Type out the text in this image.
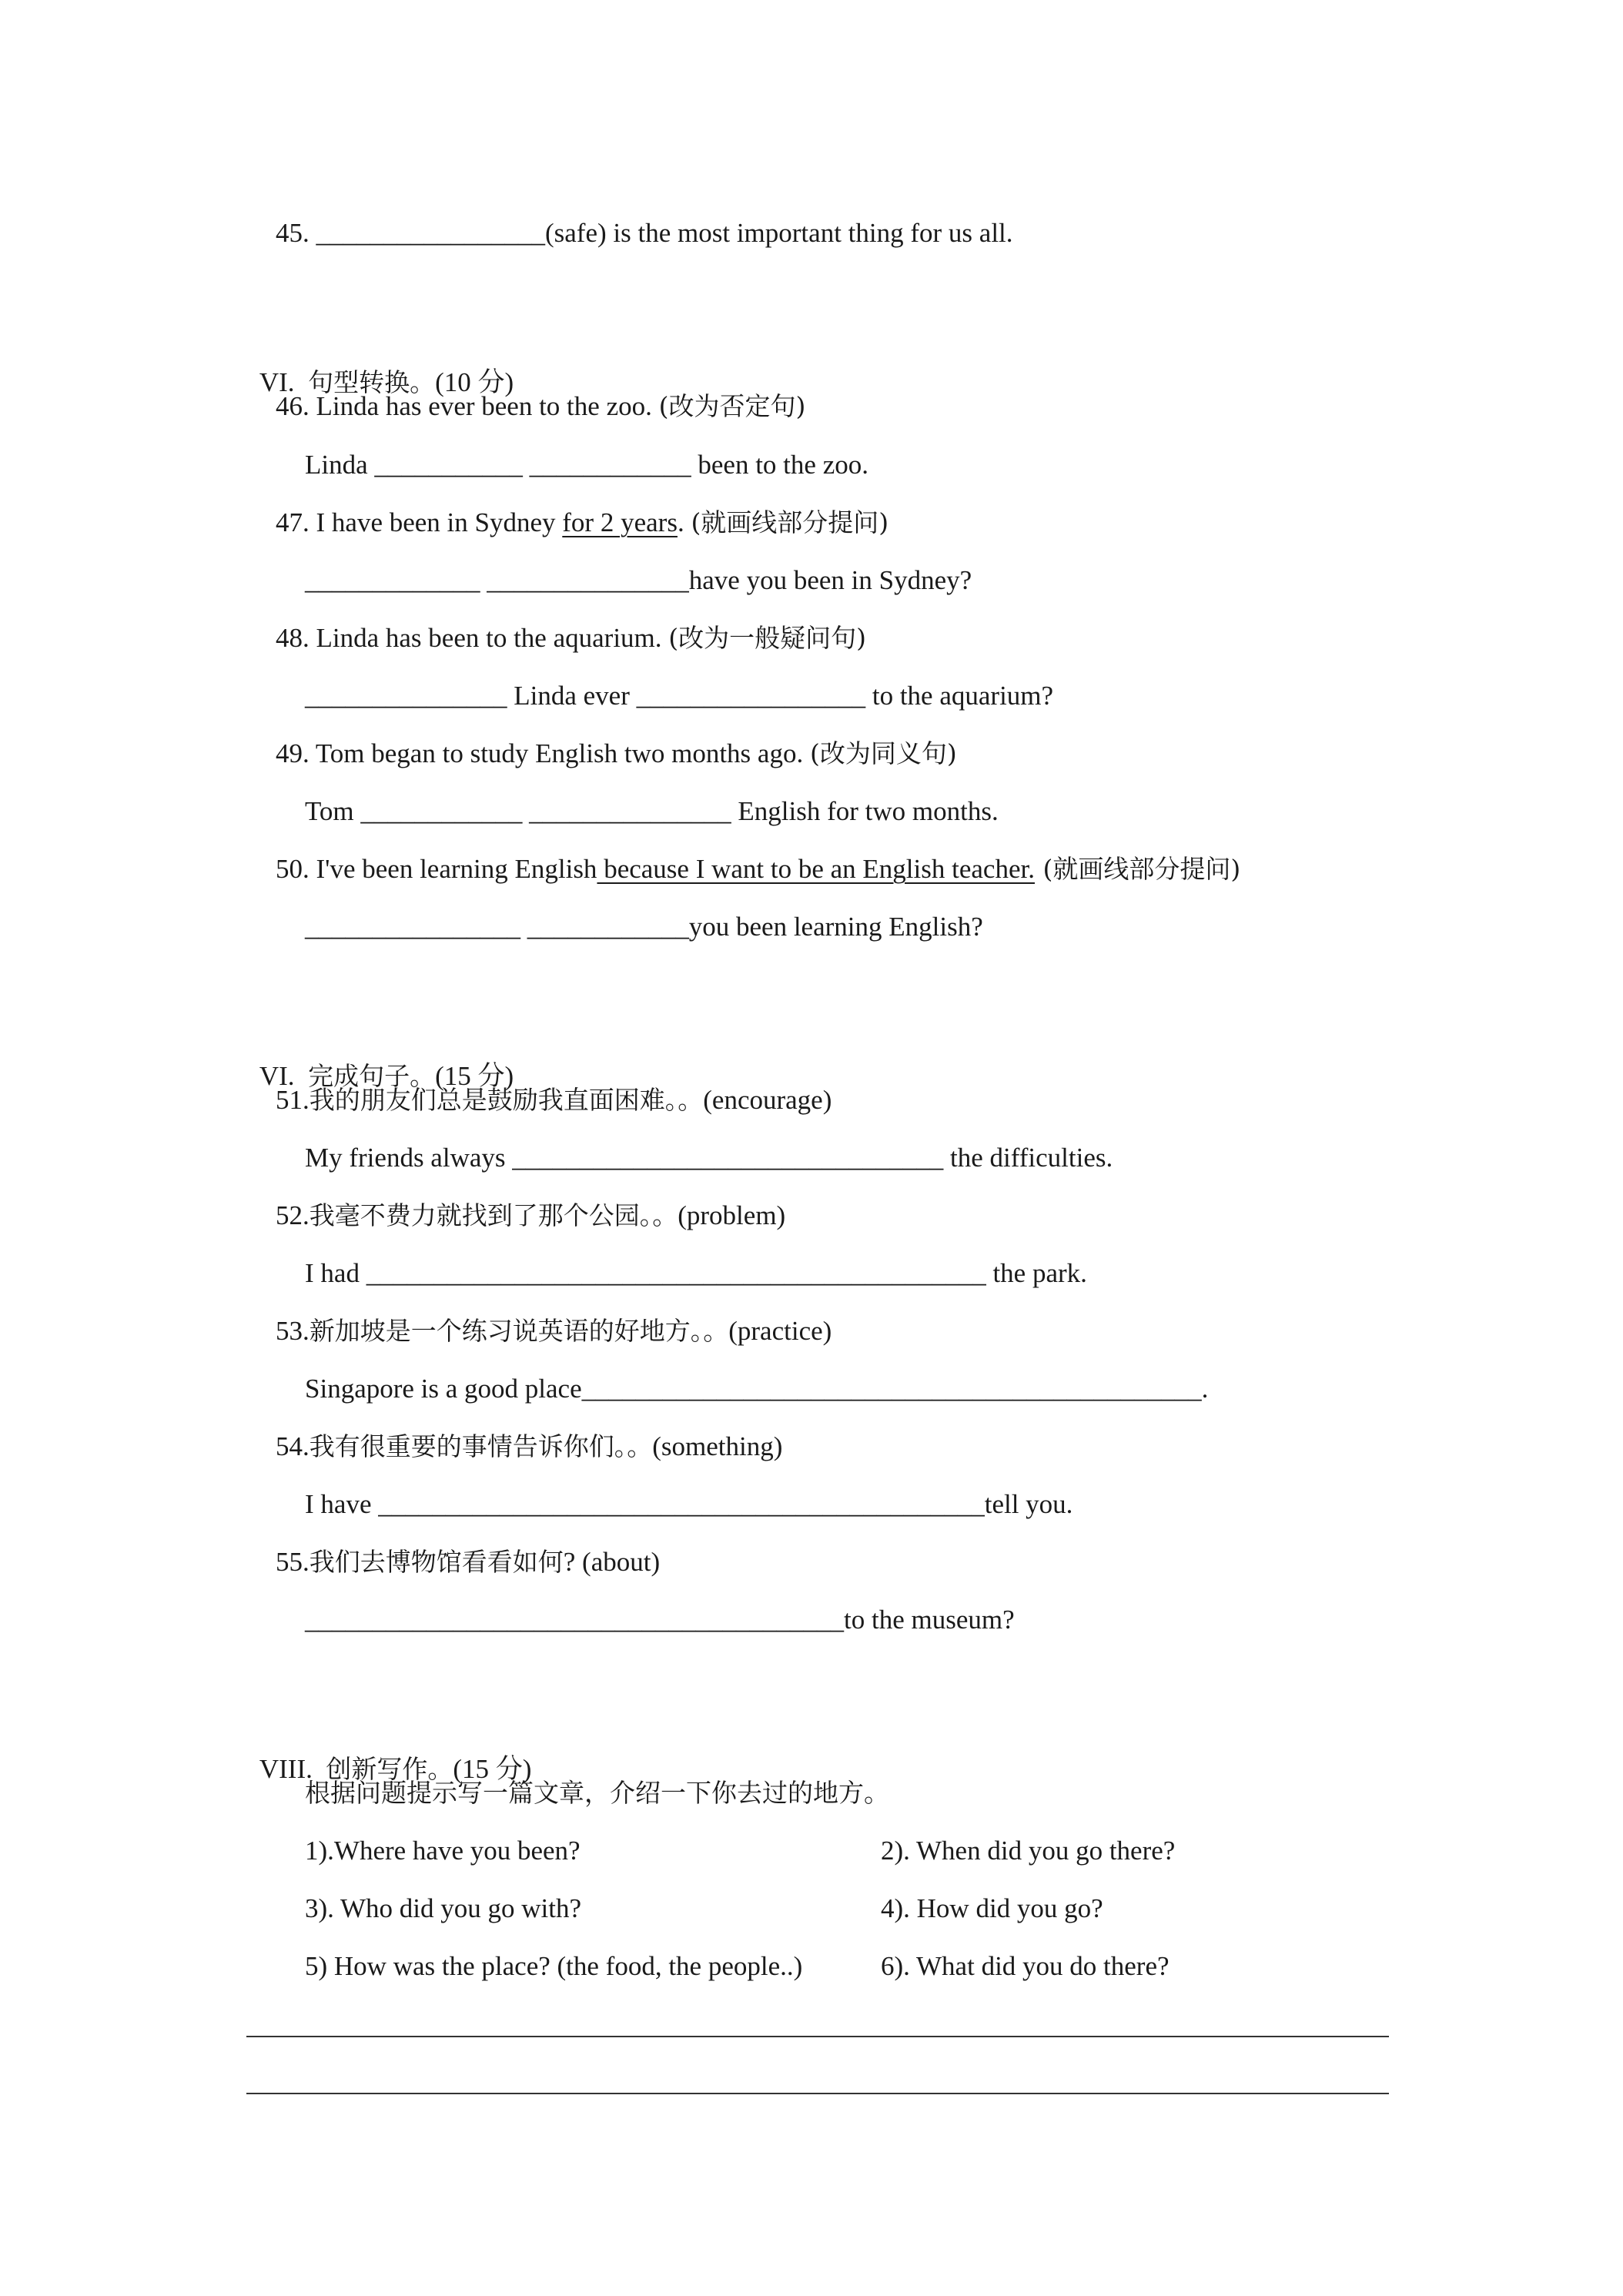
45. _________________(safe) is the most important thing for us all.

VI.  句型转换。(10 分)

46. Linda has ever been to the zoo. (改为否定句)
Linda ___________ ____________ been to the zoo.
47. I have been in Sydney for 2 years. (就画线部分提问)
_____________ _______________have you been in Sydney?
48. Linda has been to the aquarium. (改为一般疑问句)
_______________ Linda ever _________________ to the aquarium?
49. Tom began to study English two months ago. (改为同义句)
Tom ____________ _______________ English for two months.
50. I've been learning English because I want to be an English teacher. (就画线部分提问)
________________ ____________you been learning English?

VI.  完成句子。(15 分)

51.我的朋友们总是鼓励我直面困难。。(encourage)
My friends always ________________________________ the difficulties.
52.我毫不费力就找到了那个公园。。(problem)
I had ______________________________________________ the park.
53.新加坡是一个练习说英语的好地方。。(practice)
Singapore is a good place______________________________________________.
54.我有很重要的事情告诉你们。。(something)
I have _____________________________________________tell you.
55.我们去博物馆看看如何? (about)
________________________________________to the museum?

VIII.  创新写作。(15 分)

根据问题提示写一篇文章，介绍一下你去过的地方。
1).Where have you been?	2). When did you go there?
3). Who did you go with?	4). How did you go?
5) How was the place? (the food, the people..)	6). What did you do there?
